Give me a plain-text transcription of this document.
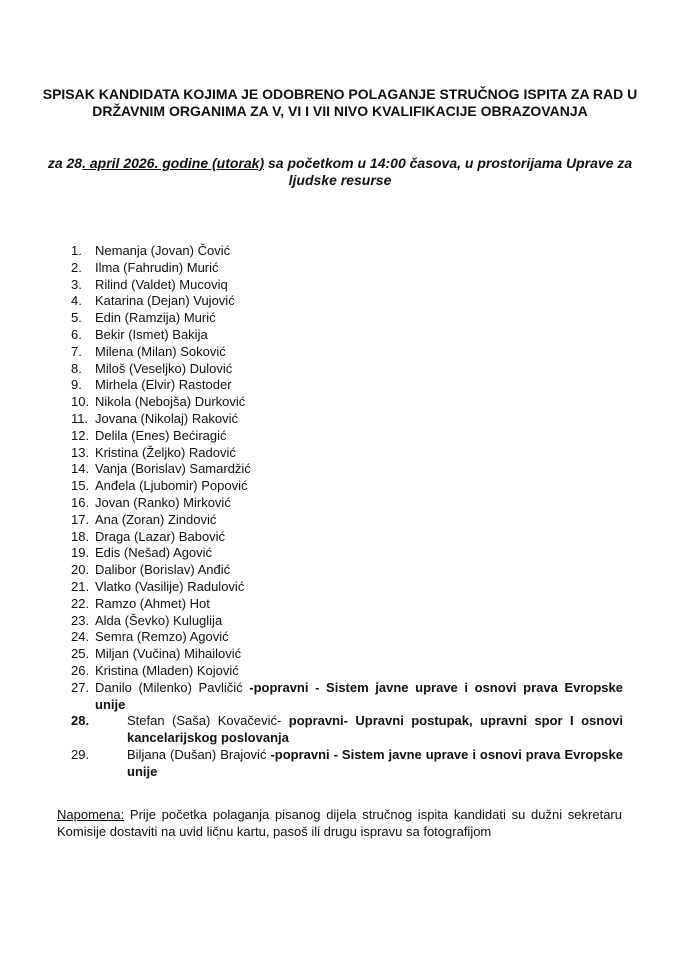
SPISAK KANDIDATA KOJIMA JE ODOBRENO POLAGANJE STRUČNOG ISPITA ZA RAD U DRŽAVNIM ORGANIMA ZA V, VI I VII NIVO KVALIFIKACIJE OBRAZOVANJA
za 28. april 2026. godine (utorak) sa početkom u 14:00 časova, u prostorijama Uprave za ljudske resurse
1.	Nemanja (Jovan) Čović
2.	Ilma (Fahrudin) Murić
3.	Rilind (Valdet) Mucoviq
4.	Katarina (Dejan) Vujović
5.	Edin (Ramzija) Murić
6.	Bekir (Ismet) Bakija
7.	Milena (Milan) Soković
8.	Miloš (Veseljko) Dulović
9.	Mirhela (Elvir) Rastoder
10. Nikola (Nebojša) Durković
11. Jovana (Nikolaj) Raković
12. Delila (Enes) Bećiragić
13. Kristina (Željko) Radović
14. Vanja (Borislav) Samardžić
15. Anđela (Ljubomir) Popović
16. Jovan (Ranko) Mirković
17. Ana (Zoran) Zindović
18. Draga (Lazar) Babović
19. Edis (Nešad) Agović
20. Dalibor (Borislav) Anđić
21. Vlatko (Vasilije) Radulović
22. Ramzo (Ahmet) Hot
23. Alda (Ševko) Kuluglija
24. Semra (Remzo) Agović
25. Miljan (Vučina) Mihailović
26. Kristina (Mladen) Kojović
27. Danilo (Milenko) Pavličić -popravni - Sistem javne uprave i osnovi prava Evropske unije
28.	Stefan (Saša) Kovačević- popravni- Upravni postupak, upravni spor I osnovi kancelarijskog poslovanja
29.	Biljana (Dušan) Brajović -popravni - Sistem javne uprave i osnovi prava Evropske unije
Napomena: Prije početka polaganja pisanog dijela stručnog ispita kandidati su dužni sekretaru Komisije dostaviti na uvid ličnu kartu, pasoš ili drugu ispravu sa fotografijom
